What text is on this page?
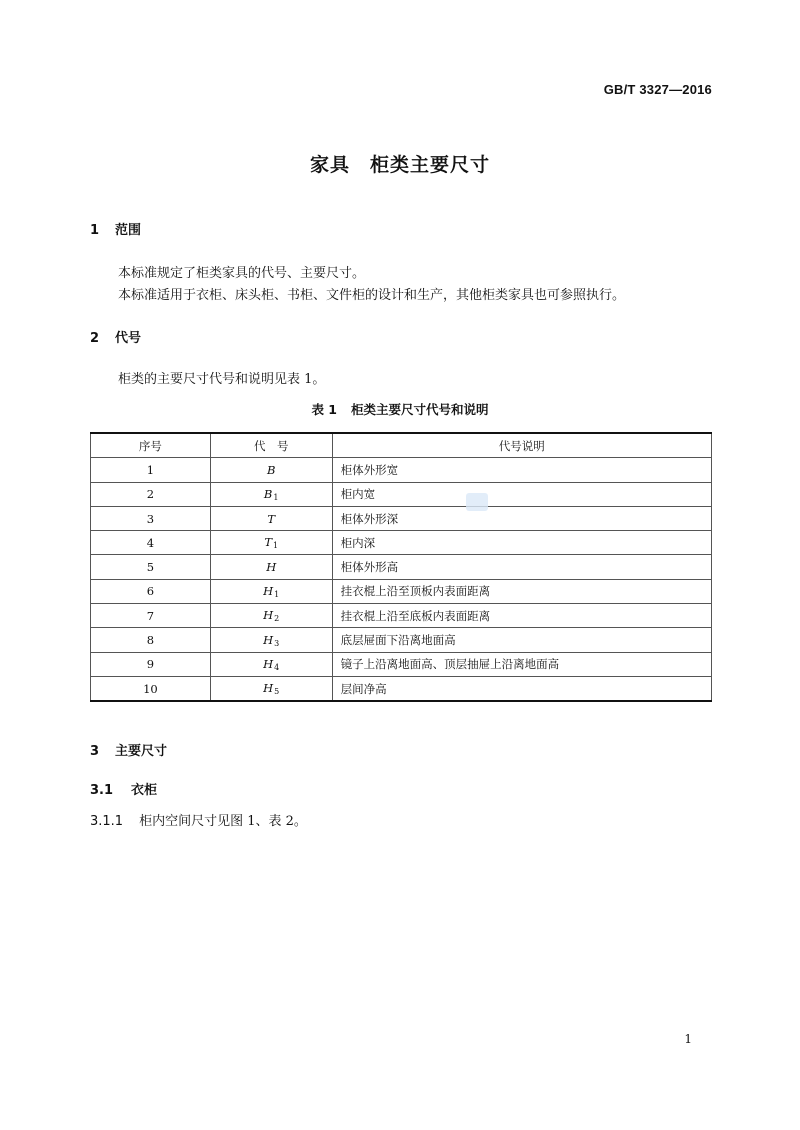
GB/T 3327—2016
家具　柜类主要尺寸
1 范围
本标准规定了柜类家具的代号、主要尺寸。
本标准适用于衣柜、床头柜、书柜、文件柜的设计和生产，其他柜类家具也可参照执行。
2 代号
柜类的主要尺寸代号和说明见表 1。
表 1 柜类主要尺寸代号和说明
序号	代　号	代号说明
1	B	柜体外形宽
2	$B_1$	柜内宽
3	T	柜体外形深
4	$T_1$	柜内深
5	H	柜体外形高
6	$H_1$	挂衣棍上沿至顶板内表面距离
7	$H_2$	挂衣棍上沿至底板内表面距离
8	$H_3$	底层屉面下沿离地面高
9	$H_4$	镜子上沿离地面高、顶层抽屉上沿离地面高
10	$H_5$	层间净高
3 主要尺寸
3.1 衣柜
3.1.1 柜内空间尺寸见图 1、表 2。
1
